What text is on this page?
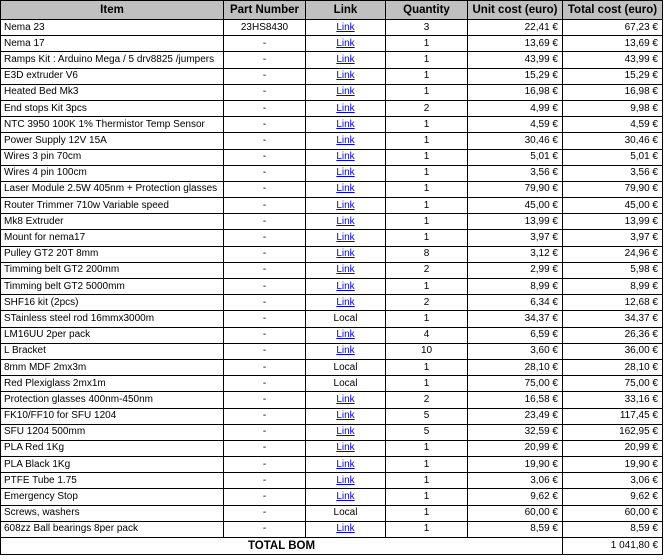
Item	Part Number	Link	Quantity	Unit cost (euro)	Total cost (euro)
Nema 23	23HS8430	Link	3	22,41 €	67,23 €
Nema 17	-	Link	1	13,69 €	13,69 €
Ramps Kit : Arduino Mega / 5 drv8825 /jumpers	-	Link	1	43,99 €	43,99 €
E3D extruder V6	-	Link	1	15,29 €	15,29 €
Heated Bed Mk3	-	Link	1	16,98 €	16,98 €
End stops Kit 3pcs	-	Link	2	4,99 €	9,98 €
NTC 3950 100K 1% Thermistor Temp Sensor	-	Link	1	4,59 €	4,59 €
Power Supply 12V 15A	-	Link	1	30,46 €	30,46 €
Wires 3 pin 70cm	-	Link	1	5,01 €	5,01 €
Wires 4 pin 100cm	-	Link	1	3,56 €	3,56 €
Laser Module 2.5W 405nm + Protection glasses	-	Link	1	79,90 €	79,90 €
Router Trimmer 710w Variable speed	-	Link	1	45,00 €	45,00 €
Mk8 Extruder	-	Link	1	13,99 €	13,99 €
Mount for nema17	-	Link	1	3,97 €	3,97 €
Pulley GT2 20T 8mm	-	Link	8	3,12 €	24,96 €
Timming belt GT2 200mm	-	Link	2	2,99 €	5,98 €
Timming belt GT2 5000mm	-	Link	1	8,99 €	8,99 €
SHF16 kit (2pcs)	-	Link	2	6,34 €	12,68 €
STainless steel rod 16mmx3000m	-	Local	1	34,37 €	34,37 €
LM16UU 2per pack	-	Link	4	6,59 €	26,36 €
L Bracket	-	Link	10	3,60 €	36,00 €
8mm MDF 2mx3m	-	Local	1	28,10 €	28,10 €
Red Plexiglass 2mx1m	-	Local	1	75,00 €	75,00 €
Protection glasses 400nm-450nm	-	Link	2	16,58 €	33,16 €
FK10/FF10 for SFU 1204	-	Link	5	23,49 €	117,45 €
SFU 1204 500mm	-	Link	5	32,59 €	162,95 €
PLA Red 1Kg	-	Link	1	20,99 €	20,99 €
PLA Black 1Kg	-	Link	1	19,90 €	19,90 €
PTFE Tube 1.75	-	Link	1	3,06 €	3,06 €
Emergency Stop	-	Link	1	9,62 €	9,62 €
Screws, washers	-	Local	1	60,00 €	60,00 €
608zz Ball bearings 8per pack	-	Link	1	8,59 €	8,59 €
TOTAL BOM					1 041,80 €
